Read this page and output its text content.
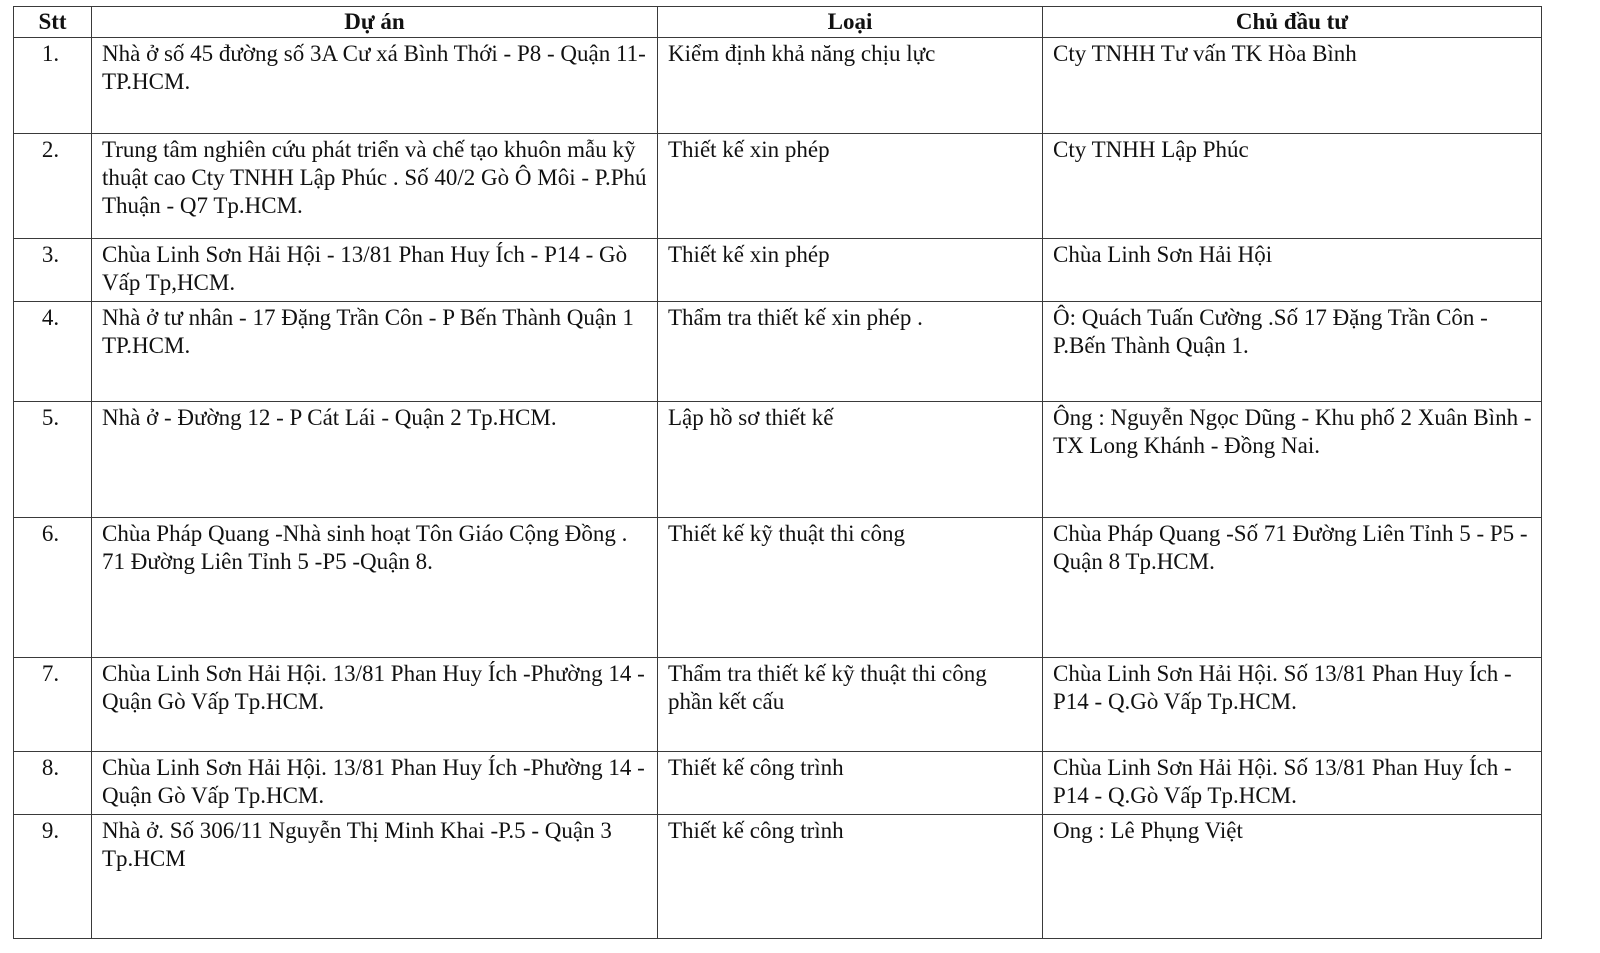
Stt	Dự án	Loại	Chủ đầu tư
1.	Nhà ở số 45 đường số 3A Cư xá Bình Thới - P8 - Quận 11- TP.HCM.	Kiểm định khả năng chịu lực	Cty TNHH Tư vấn TK Hòa Bình
2.	Trung tâm nghiên cứu phát triển và chế tạo khuôn mẫu kỹ thuật cao Cty TNHH Lập Phúc . Số 40/2 Gò Ô Môi - P.Phú Thuận - Q7 Tp.HCM.	Thiết kế xin phép	Cty TNHH Lập Phúc
3.	Chùa Linh Sơn Hải Hội - 13/81 Phan Huy Ích - P14 - Gò Vấp Tp,HCM.	Thiết kế xin phép	Chùa Linh Sơn Hải Hội
4.	Nhà ở tư nhân - 17 Đặng Trần Côn - P Bến Thành Quận 1 TP.HCM.	Thẩm tra thiết kế xin phép .	Ô: Quách Tuấn Cường .Số 17 Đặng Trần Côn - P.Bến Thành Quận 1.
5.	Nhà ở - Đường 12 - P Cát Lái - Quận 2 Tp.HCM.	Lập hồ sơ thiết kế	Ông : Nguyễn Ngọc Dũng - Khu phố 2 Xuân Bình - TX Long Khánh - Đồng Nai.
6.	Chùa Pháp Quang -Nhà sinh hoạt Tôn Giáo Cộng Đồng . 71 Đường Liên Tỉnh 5 -P5 -Quận 8.	Thiết kế kỹ thuật thi công	Chùa Pháp Quang -Số 71 Đường Liên Tỉnh 5 - P5 - Quận 8 Tp.HCM.
7.	Chùa Linh Sơn Hải Hội. 13/81 Phan Huy Ích -Phường 14 - Quận Gò Vấp Tp.HCM.	Thẩm tra thiết kế kỹ thuật thi công phần kết cấu	Chùa Linh Sơn Hải Hội. Số 13/81 Phan Huy Ích - P14 - Q.Gò Vấp Tp.HCM.
8.	Chùa Linh Sơn Hải Hội. 13/81 Phan Huy Ích -Phường 14 - Quận Gò Vấp Tp.HCM.	Thiết kế công trình	Chùa Linh Sơn Hải Hội. Số 13/81 Phan Huy Ích - P14 - Q.Gò Vấp Tp.HCM.
9.	Nhà ở. Số 306/11 Nguyễn Thị Minh Khai -P.5 - Quận 3 Tp.HCM	Thiết kế công trình	Ong : Lê Phụng Việt
